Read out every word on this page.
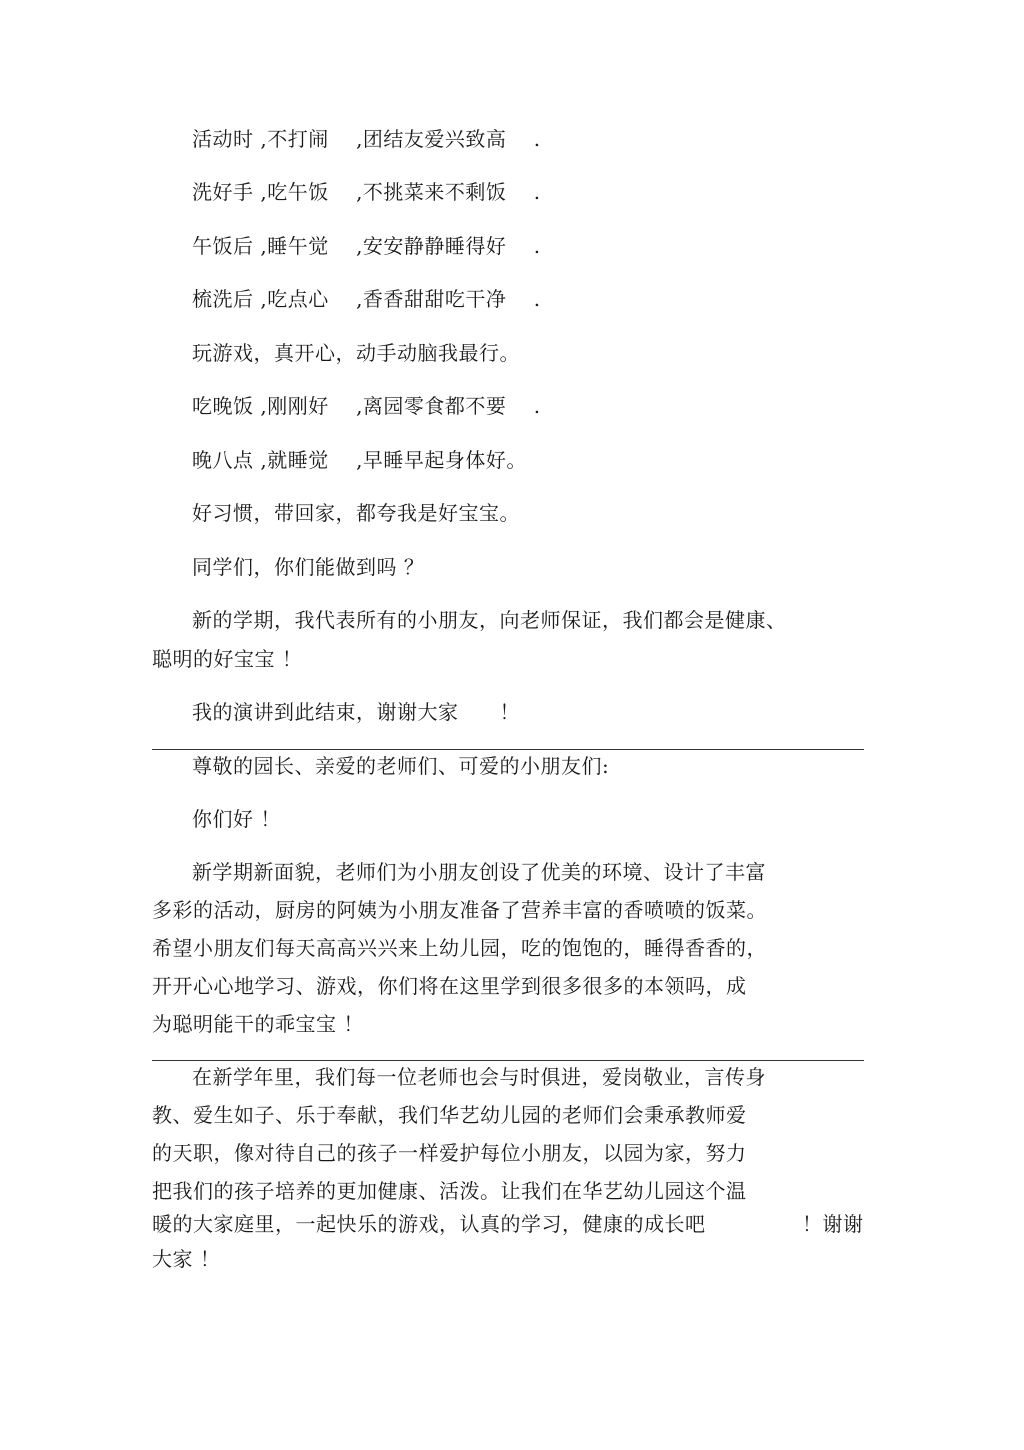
活动时 ,不打闹　 ,团结友爱兴致高　 .

洗好手 ,吃午饭　 ,不挑菜来不剩饭　 .

午饭后 ,睡午觉　 ,安安静静睡得好　 .

梳洗后 ,吃点心　 ,香香甜甜吃干净　 .

玩游戏，真开心，动手动脑我最行。

吃晚饭 ,刚刚好　 ,离园零食都不要　 .

晚八点 ,就睡觉　 ,早睡早起身体好。

好习惯，带回家，都夸我是好宝宝。

同学们，你们能做到吗 ？

新的学期，我代表所有的小朋友，向老师保证，我们都会是健康、

聪明的好宝宝 ！

我的演讲到此结束，谢谢大家　　！

尊敬的园长、亲爱的老师们、可爱的小朋友们:

你们好 ！

新学期新面貌，老师们为小朋友创设了优美的环境、设计了丰富

多彩的活动，厨房的阿姨为小朋友准备了营养丰富的香喷喷的饭菜。

希望小朋友们每天高高兴兴来上幼儿园，吃的饱饱的，睡得香香的，

开开心心地学习、游戏，你们将在这里学到很多很多的本领吗，成

为聪明能干的乖宝宝 ！

在新学年里，我们每一位老师也会与时俱进，爱岗敬业，言传身

教、爱生如子、乐于奉献，我们华艺幼儿园的老师们会秉承教师爱

的天职，像对待自己的孩子一样爱护每位小朋友，以园为家，努力

把我们的孩子培养的更加健康、活泼。让我们在华艺幼儿园这个温

暖的大家庭里，一起快乐的游戏，认真的学习，健康的成长吧	！谢谢

大家 ！
